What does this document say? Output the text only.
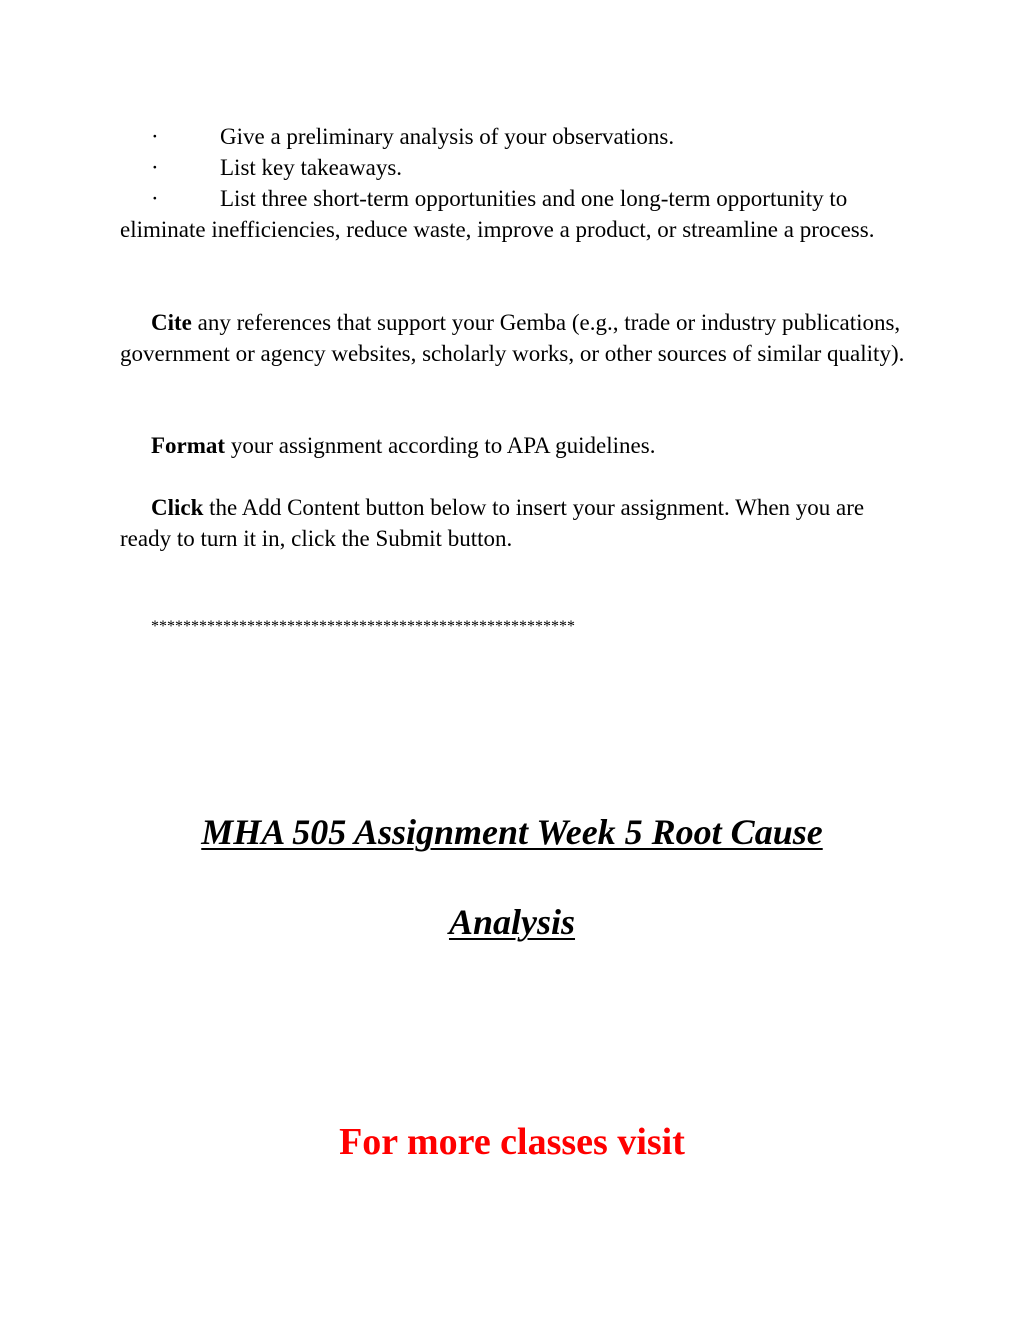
·	Give a preliminary analysis of your observations.
·	List key takeaways.
·	List three short-term opportunities and one long-term opportunity to eliminate inefficiencies, reduce waste, improve a product, or streamline a process.

Cite any references that support your Gemba (e.g., trade or industry publications, government or agency websites, scholarly works, or other sources of similar quality).

Format your assignment according to APA guidelines.

Click the Add Content button below to insert your assignment. When you are ready to turn it in, click the Submit button.

*****************************************************
MHA 505 Assignment Week 5 Root Cause
Analysis
For more classes visit
